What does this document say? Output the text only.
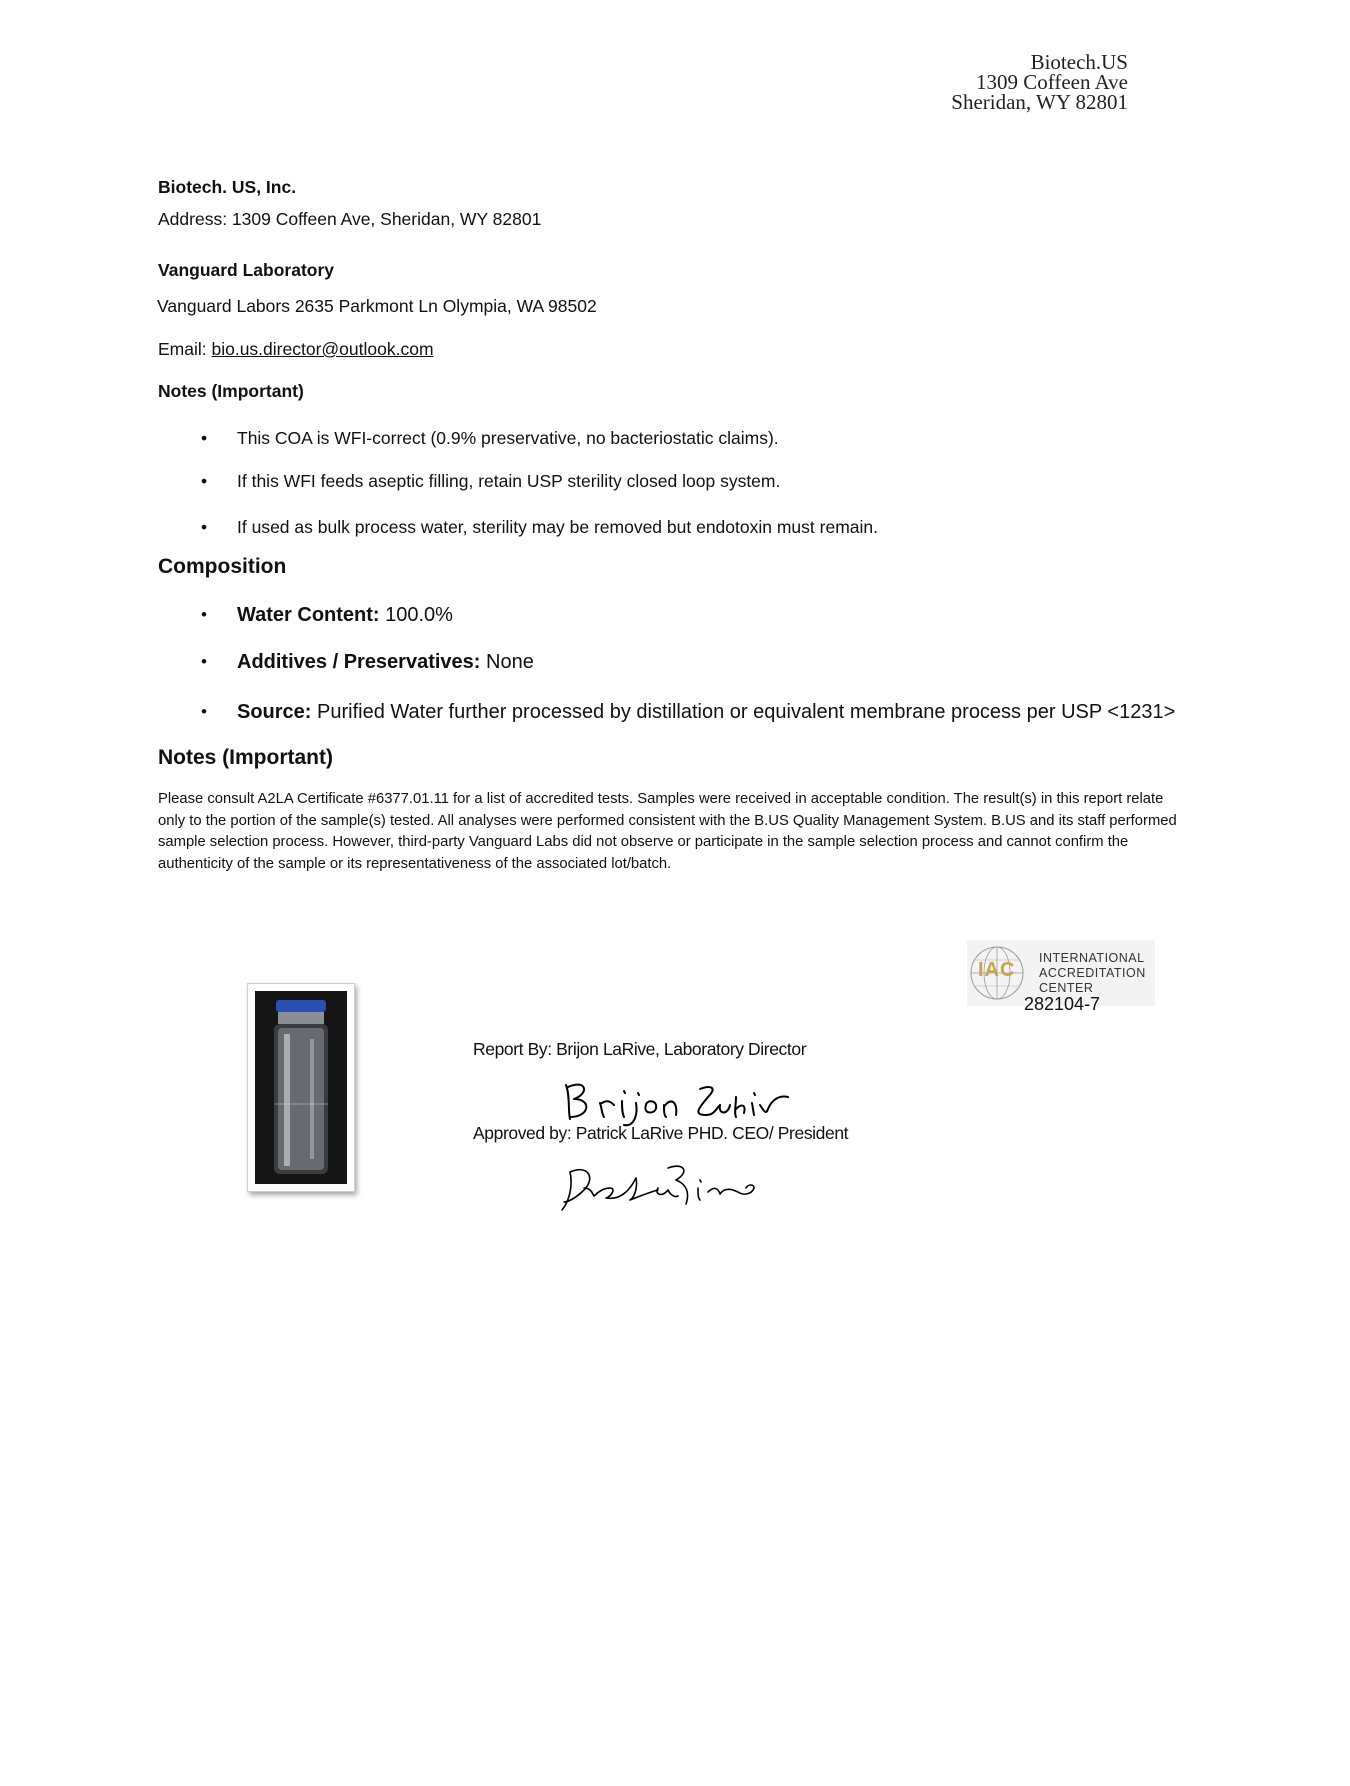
Biotech.US
1309 Coffeen Ave
Sheridan, WY 82801
Biotech. US, Inc.
Address: 1309 Coffeen Ave, Sheridan, WY 82801
Vanguard Laboratory
Vanguard Labors 2635 Parkmont Ln Olympia, WA 98502
Email: bio.us.director@outlook.com
Notes (Important)
• This COA is WFI-correct (0.9% preservative, no bacteriostatic claims).
• If this WFI feeds aseptic filling, retain USP sterility closed loop system.
• If used as bulk process water, sterility may be removed but endotoxin must remain.
Composition
• Water Content: 100.0%
• Additives / Preservatives: None
• Source: Purified Water further processed by distillation or equivalent membrane process per USP <1231>
Notes (Important)
Please consult A2LA Certificate #6377.01.11 for a list of accredited tests. Samples were received in acceptable condition. The result(s) in this report relate only to the portion of the sample(s) tested. All analyses were performed consistent with the B.US Quality Management System. B.US and its staff performed sample selection process. However, third-party Vanguard Labs did not observe or participate in the sample selection process and cannot confirm the authenticity of the sample or its representativeness of the associated lot/batch.
IAC
INTERNATIONAL
ACCREDITATION
CENTER
282104-7
Report By: Brijon LaRive, Laboratory Director
Approved by: Patrick LaRive PHD. CEO/ President
